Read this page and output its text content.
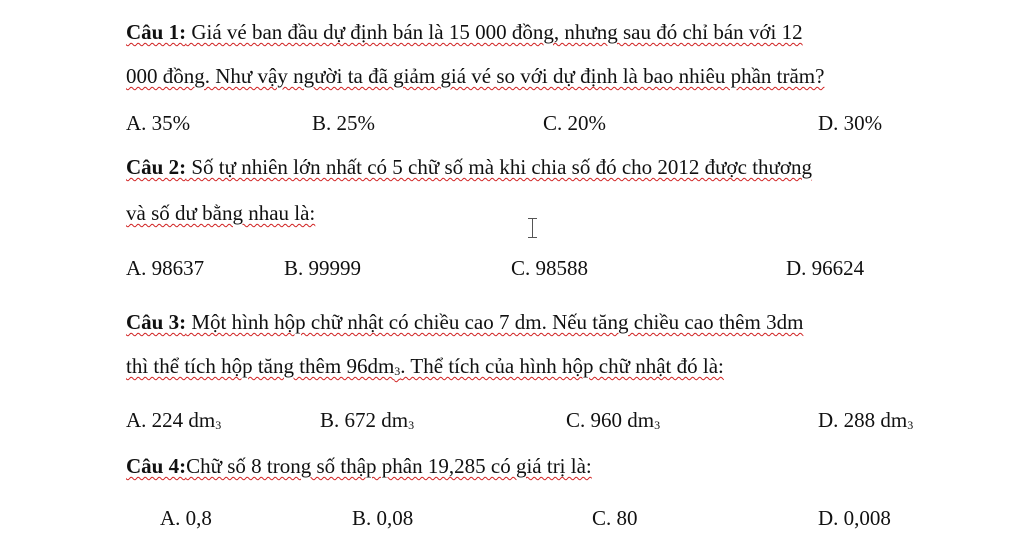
Câu 1: Giá vé ban đầu dự định bán là 15 000 đồng, nhưng sau đó chỉ bán với 12
000 đồng. Như vậy người ta đã giảm giá vé so với dự định là bao nhiêu phần trăm?
A. 35%	B. 25%	C. 20%	D. 30%
Câu 2: Số tự nhiên lớn nhất có 5 chữ số mà khi chia số đó cho 2012 được thương
và số dư bằng nhau là:
A. 98637	B. 99999	C. 98588	D. 96624
Câu 3: Một hình hộp chữ nhật có chiều cao 7 dm. Nếu tăng chiều cao thêm 3dm
thì thể tích hộp tăng thêm 96dm3. Thể tích của hình hộp chữ nhật đó là:
A. 224 dm3	B. 672 dm3	C. 960 dm3	D. 288 dm3
Câu 4:Chữ số 8 trong số thập phân 19,285 có giá trị là:
A. 0,8	B. 0,08	C. 80	D. 0,008
